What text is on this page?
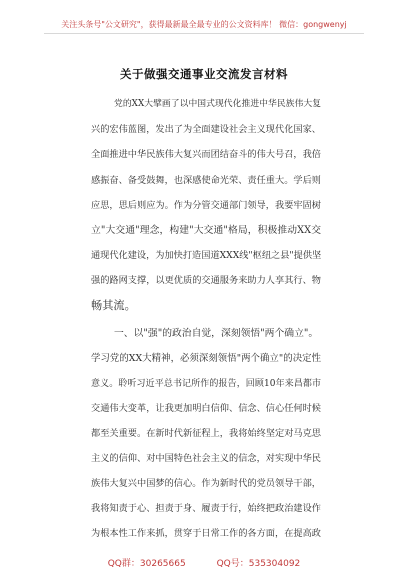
关注头条号"公文研究"，获得最新最全最专业的公文资料库！ 微信：gongwenyj
关于做强交通事业交流发言材料
党的XX大擘画了以中国式现代化推进中华民族伟大复
兴的宏伟蓝图，发出了为全面建设社会主义现代化国家、
全面推进中华民族伟大复兴而团结奋斗的伟大号召，我倍
感振奋、备受鼓舞，也深感使命光荣、责任重大。学后则
应思，思后则应为。作为分管交通部门领导，我要牢固树
立"大交通"理念，构建"大交通"格局，积极推动XX交
通现代化建设，为加快打造国道XXX线"枢纽之县"提供坚
强的路网支撑，以更优质的交通服务来助力人享其行、物
畅其流。
一、以"强"的政治自觉，深刻领悟"两个确立"。
学习党的XX大精神，必须深刻领悟"两个确立"的决定性
意义。聆听习近平总书记所作的报告，回顾10年来昌都市
交通伟大变革，让我更加明白信仰、信念、信心任何时候
都至关重要。在新时代新征程上，我将始终坚定对马克思
主义的信仰、对中国特色社会主义的信念，对实现中华民
族伟大复兴中国梦的信心。作为新时代的党员领导干部，
我将知责于心、担责于身、履责于行，始终把政治建设作
为根本性工作来抓，贯穿于日常工作的各方面，在提高政
QQ群：30265665	QQ号：535304092
